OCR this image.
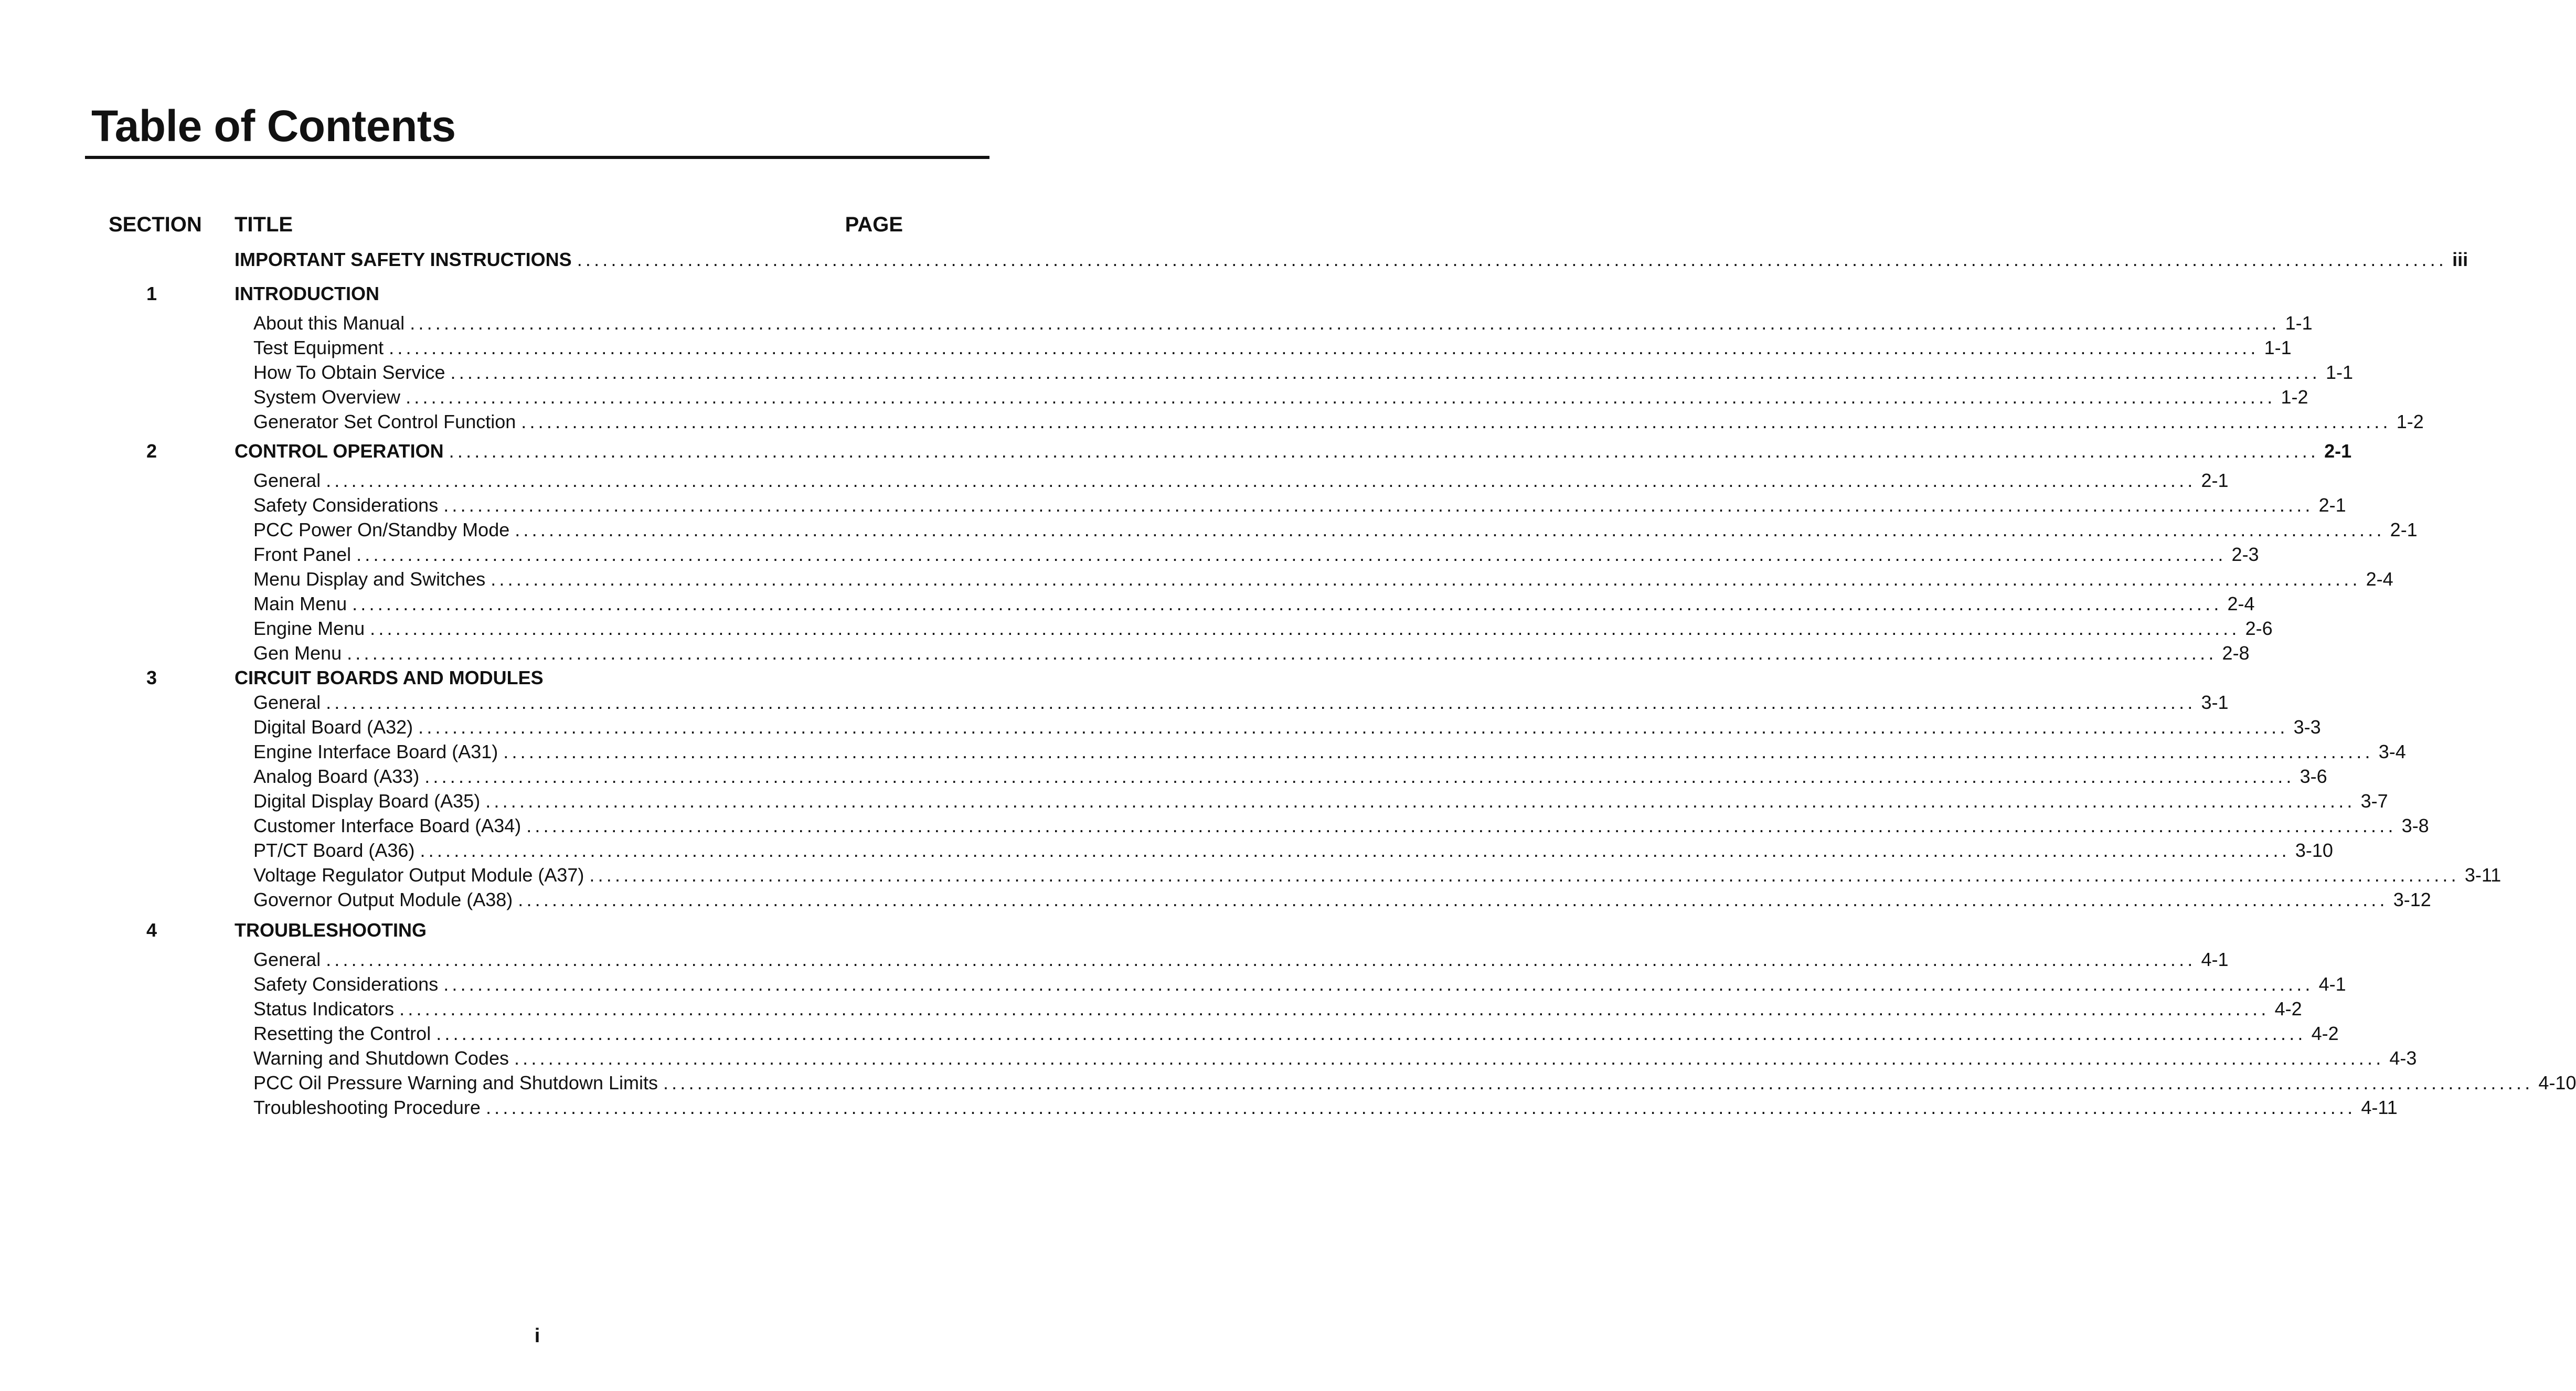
Table of Contents
SECTION TITLE	PAGE
IMPORTANT SAFETY INSTRUCTIONS ............................................................................................................................................................................................................................ iii
1	INTRODUCTION
About this Manual ............................................................................................................................................................................................................................ 1-1
Test Equipment ............................................................................................................................................................................................................................ 1-1
How To Obtain Service ............................................................................................................................................................................................................................ 1-1
System Overview ............................................................................................................................................................................................................................ 1-2
Generator Set Control Function ............................................................................................................................................................................................................................ 1-2
2	CONTROL OPERATION ............................................................................................................................................................................................................................ 2-1
General ............................................................................................................................................................................................................................ 2-1
Safety Considerations ............................................................................................................................................................................................................................ 2-1
PCC Power On/Standby Mode ............................................................................................................................................................................................................................ 2-1
Front Panel ............................................................................................................................................................................................................................ 2-3
Menu Display and Switches ............................................................................................................................................................................................................................ 2-4
Main Menu ............................................................................................................................................................................................................................ 2-4
Engine Menu ............................................................................................................................................................................................................................ 2-6
Gen Menu ............................................................................................................................................................................................................................ 2-8
3	CIRCUIT BOARDS AND MODULES
General ............................................................................................................................................................................................................................ 3-1
Digital Board (A32) ............................................................................................................................................................................................................................ 3-3
Engine Interface Board (A31) ............................................................................................................................................................................................................................ 3-4
Analog Board (A33) ............................................................................................................................................................................................................................ 3-6
Digital Display Board (A35) ............................................................................................................................................................................................................................ 3-7
Customer Interface Board (A34) ............................................................................................................................................................................................................................ 3-8
PT/CT Board (A36) ............................................................................................................................................................................................................................ 3-10
Voltage Regulator Output Module (A37) ............................................................................................................................................................................................................................ 3-11
Governor Output Module (A38) ............................................................................................................................................................................................................................ 3-12
4	TROUBLESHOOTING
General ............................................................................................................................................................................................................................ 4-1
Safety Considerations ............................................................................................................................................................................................................................ 4-1
Status Indicators ............................................................................................................................................................................................................................ 4-2
Resetting the Control ............................................................................................................................................................................................................................ 4-2
Warning and Shutdown Codes ............................................................................................................................................................................................................................ 4-3
PCC Oil Pressure Warning and Shutdown Limits ............................................................................................................................................................................................................................ 4-10
Troubleshooting Procedure ............................................................................................................................................................................................................................ 4-11
i
